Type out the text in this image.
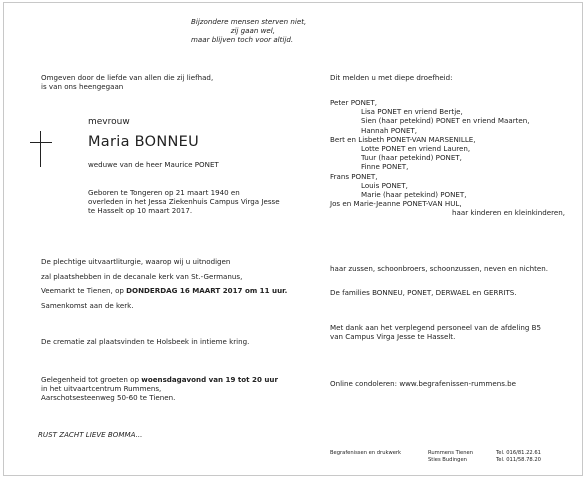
Bijzondere mensen sterven niet,
zij gaan wel,
maar blijven toch voor altijd.
Omgeven door de liefde van allen die zij liefhad,
is van ons heengegaan
mevrouw
Maria BONNEU
weduwe van de heer Maurice PONET
Geboren te Tongeren op 21 maart 1940 en
overleden in het Jessa Ziekenhuis Campus Virga Jesse
te Hasselt op 10 maart 2017.
De plechtige uitvaartliturgie, waarop wij u uitnodigen
zal plaatshebben in de decanale kerk van St.-Germanus,
Veemarkt te Tienen, op DONDERDAG 16 MAART 2017 om 11 uur.
Samenkomst aan de kerk.
De crematie zal plaatsvinden te Holsbeek in intieme kring.
Gelegenheid tot groeten op woensdagavond van 19 tot 20 uur
in het uitvaartcentrum Rummens,
Aarschotsesteenweg 50-60 te Tienen.
RUST ZACHT LIEVE BOMMA...
Dit melden u met diepe droefheid:
Peter PONET,
Lisa PONET en vriend Bertje,
Sien (haar petekind) PONET en vriend Maarten,
Hannah PONET,
Bert en Lisbeth PONET-VAN MARSENILLE,
Lotte PONET en vriend Lauren,
Tuur (haar petekind) PONET,
Finne PONET,
Frans PONET,
Louis PONET,
Marie (haar petekind) PONET,
Jos en Marie-Jeanne PONET-VAN HUL,
haar kinderen en kleinkinderen,
haar zussen, schoonbroers, schoonzussen, neven en nichten.
De families BONNEU, PONET, DERWAEL en GERRITS.
Met dank aan het verplegend personeel van de afdeling B5
van Campus Virga Jesse te Hasselt.
Online condoleren: www.begrafenissen-rummens.be
Begrafenissen en drukwerk	Rummens Tienen
Sties Budingen
Tel. 016/81.22.61
Tel. 011/58.78.20
